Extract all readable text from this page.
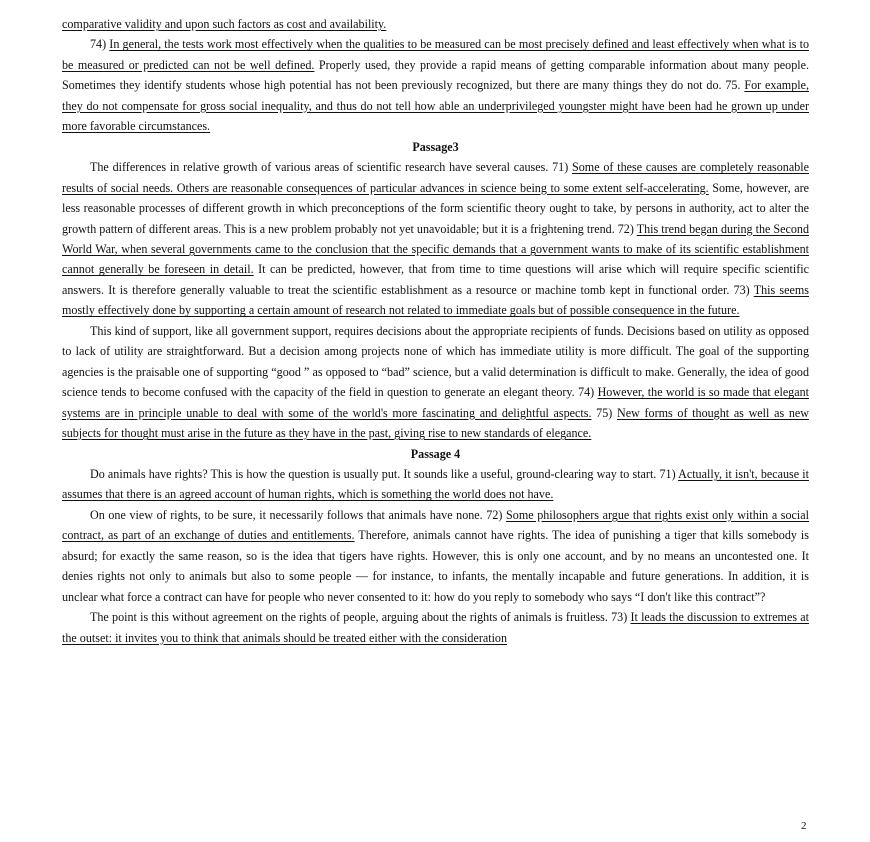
comparative validity and upon such factors as cost and availability.

74) In general, the tests work most effectively when the qualities to be measured can be most precisely defined and least effectively when what is to be measured or predicted can not be well defined. Properly used, they provide a rapid means of getting comparable information about many people. Sometimes they identify students whose high potential has not been previously recognized, but there are many things they do not do. 75. For example, they do not compensate for gross social inequality, and thus do not tell how able an underprivileged youngster might have been had he grown up under more favorable circumstances.

Passage3

The differences in relative growth of various areas of scientific research have several causes. 71) Some of these causes are completely reasonable results of social needs. Others are reasonable consequences of particular advances in science being to some extent self-accelerating. Some, however, are less reasonable processes of different growth in which preconceptions of the form scientific theory ought to take, by persons in authority, act to alter the growth pattern of different areas. This is a new problem probably not yet unavoidable; but it is a frightening trend. 72) This trend began during the Second World War, when several governments came to the conclusion that the specific demands that a government wants to make of its scientific establishment cannot generally be foreseen in detail. It can be predicted, however, that from time to time questions will arise which will require specific scientific answers. It is therefore generally valuable to treat the scientific establishment as a resource or machine tomb kept in functional order. 73) This seems mostly effectively done by supporting a certain amount of research not related to immediate goals but of possible consequence in the future.

This kind of support, like all government support, requires decisions about the appropriate recipients of funds. Decisions based on utility as opposed to lack of utility are straightforward. But a decision among projects none of which has immediate utility is more difficult. The goal of the supporting agencies is the praisable one of supporting “good ” as opposed to “bad” science, but a valid determination is difficult to make. Generally, the idea of good science tends to become confused with the capacity of the field in question to generate an elegant theory. 74) However, the world is so made that elegant systems are in principle unable to deal with some of the world's more fascinating and delightful aspects. 75) New forms of thought as well as new subjects for thought must arise in the future as they have in the past, giving rise to new standards of elegance.

Passage 4

Do animals have rights? This is how the question is usually put. It sounds like a useful, ground-clearing way to start. 71) Actually, it isn't, because it assumes that there is an agreed account of human rights, which is something the world does not have.

On one view of rights, to be sure, it necessarily follows that animals have none. 72) Some philosophers argue that rights exist only within a social contract, as part of an exchange of duties and entitlements. Therefore, animals cannot have rights. The idea of punishing a tiger that kills somebody is absurd; for exactly the same reason, so is the idea that tigers have rights. However, this is only one account, and by no means an uncontested one. It denies rights not only to animals but also to some people — for instance, to infants, the mentally incapable and future generations. In addition, it is unclear what force a contract can have for people who never consented to it: how do you reply to somebody who says “I don't like this contract”?

The point is this without agreement on the rights of people, arguing about the rights of animals is fruitless. 73) It leads the discussion to extremes at the outset: it invites you to think that animals should be treated either with the consideration

2
